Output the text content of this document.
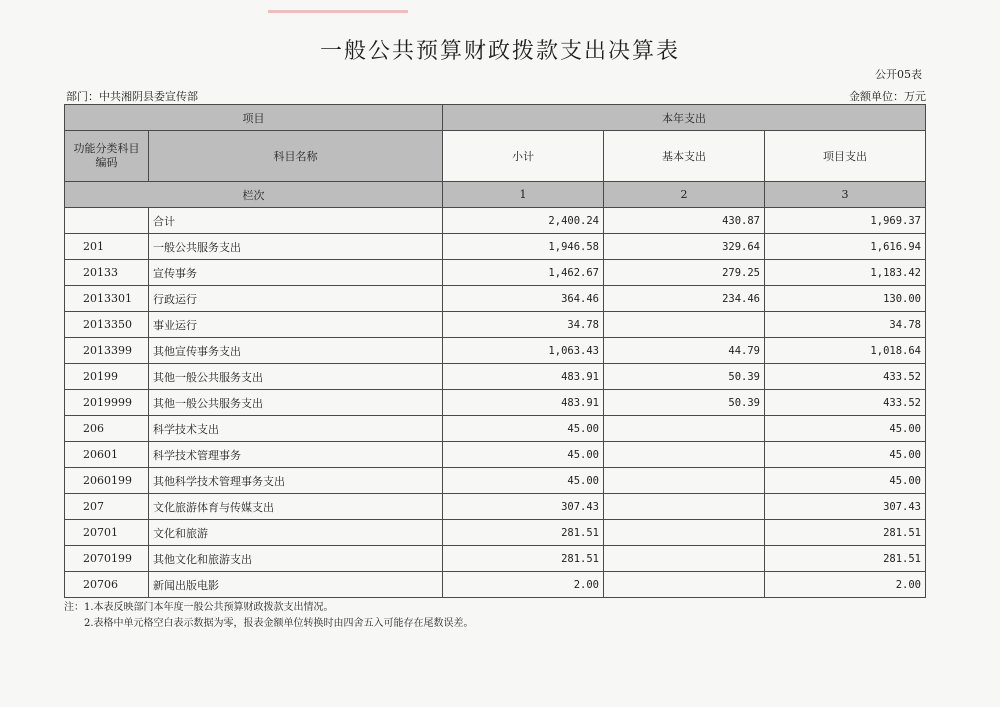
一般公共预算财政拨款支出决算表
公开05表
部门：中共湘阴县委宣传部	金额单位：万元
项目		本年支出		
功能分类科目编码	科目名称	小计	基本支出	项目支出
栏次		1	2	3
	合计	2,400.24	430.87	1,969.37
201	一般公共服务支出	1,946.58	329.64	1,616.94
20133	宣传事务	1,462.67	279.25	1,183.42
2013301	行政运行	364.46	234.46	130.00
2013350	事业运行	34.78		34.78
2013399	其他宣传事务支出	1,063.43	44.79	1,018.64
20199	其他一般公共服务支出	483.91	50.39	433.52
2019999	其他一般公共服务支出	483.91	50.39	433.52
206	科学技术支出	45.00		45.00
20601	科学技术管理事务	45.00		45.00
2060199	其他科学技术管理事务支出	45.00		45.00
207	文化旅游体育与传媒支出	307.43		307.43
20701	文化和旅游	281.51		281.51
2070199	其他文化和旅游支出	281.51		281.51
20706	新闻出版电影	2.00		2.00
注：1.本表反映部门本年度一般公共预算财政拨款支出情况。
2.表格中单元格空白表示数据为零，报表金额单位转换时由四舍五入可能存在尾数误差。
